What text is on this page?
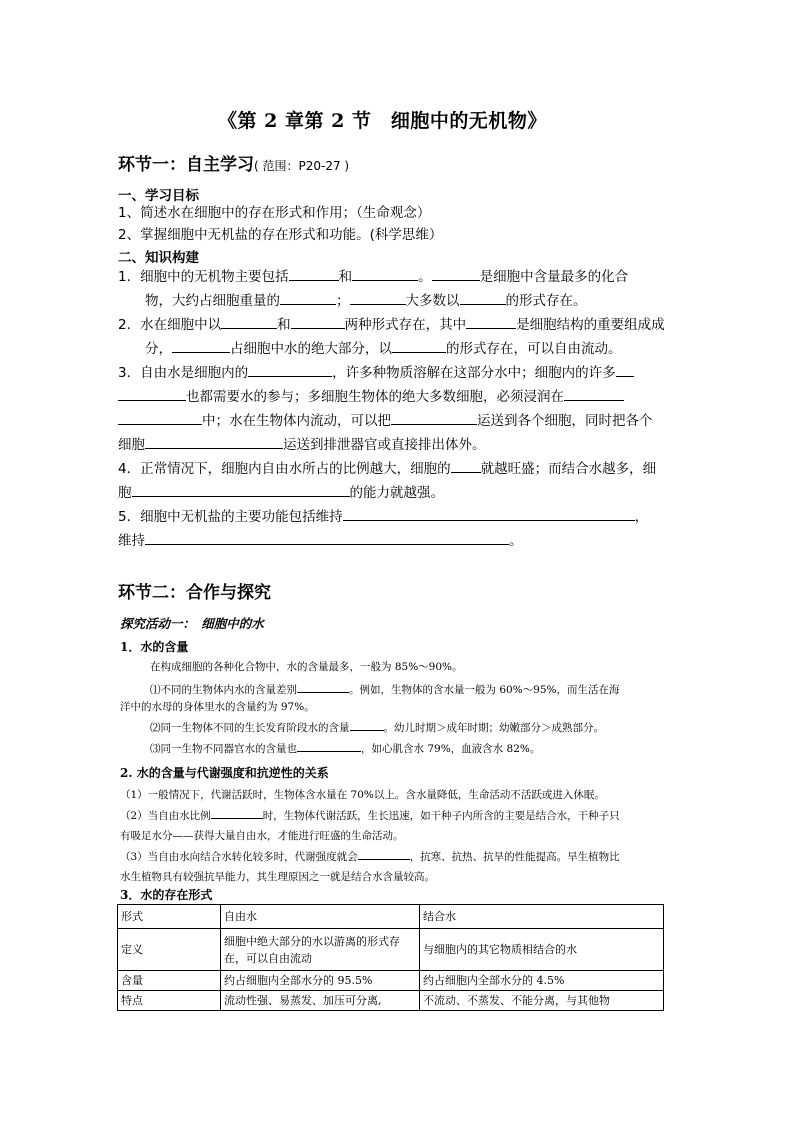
《第 2 章第 2 节　细胞中的无机物》
环节一：自主学习( 范围：P20-27 )
一、学习目标
1、简述水在细胞中的存在形式和作用；（生命观念）
2、掌握细胞中无机盐的存在形式和功能。(科学思维）
二、知识构建
1．细胞中的无机物主要包括	和	。	是细胞中含量最多的化合
物，大约占细胞重量的	；	大多数以	的形式存在。
2．水在细胞中以	和	两种形式存在，其中	是细胞结构的重要组成成
分，	占细胞中水的绝大部分，以	的形式存在，可以自由流动。
3．自由水是细胞内的	，许多种物质溶解在这部分水中；细胞内的许多
也都需要水的参与；多细胞生物体的绝大多数细胞，必须浸润在
中；水在生物体内流动，可以把	运送到各个细胞，同时把各个
细胞	运送到排泄器官或直接排出体外。
4．正常情况下，细胞内自由水所占的比例越大，细胞的 就越旺盛；而结合水越多，细
胞	的能力就越强。
5．细胞中无机盐的主要功能包括维持	，
维持	。
环节二：合作与探究
探究活动一：　细胞中的水
1．水的含量
在构成细胞的各种化合物中，水的含量最多，一般为 85%～90%。
⑴不同的生物体内水的含量差别	。例如，生物体的含水量一般为 60%～95%，而生活在海
洋中的水母的身体里水的含量约为 97%。
⑵同一生物体不同的生长发育阶段水的含量	。幼儿时期＞成年时期；幼嫩部分＞成熟部分。
⑶同一生物不同器官水的含量也	，如心肌含水 79%，血液含水 82%。
2. 水的含量与代谢强度和抗逆性的关系
（1）一般情况下，代谢活跃时，生物体含水量在 70%以上。含水量降低，生命活动不活跃或进入休眠。
（2）当自由水比例	时，生物体代谢活跃，生长迅速，如干种子内所含的主要是结合水，干种子只
有吸足水分——获得大量自由水，才能进行旺盛的生命活动。
（3）当自由水向结合水转化较多时，代谢强度就会	，抗寒、抗热、抗旱的性能提高。旱生植物比
水生植物具有较强抗旱能力，其生理原因之一就是结合水含量较高。
3．水的存在形式
形式	自由水	结合水
定义	细胞中绝大部分的水以游离的形式存在，可以自由流动	与细胞内的其它物质相结合的水
含量	约占细胞内全部水分的 95.5%	约占细胞内全部水分的 4.5%
特点	流动性强、易蒸发、加压可分离,	不流动、不蒸发、不能分离，与其他物
